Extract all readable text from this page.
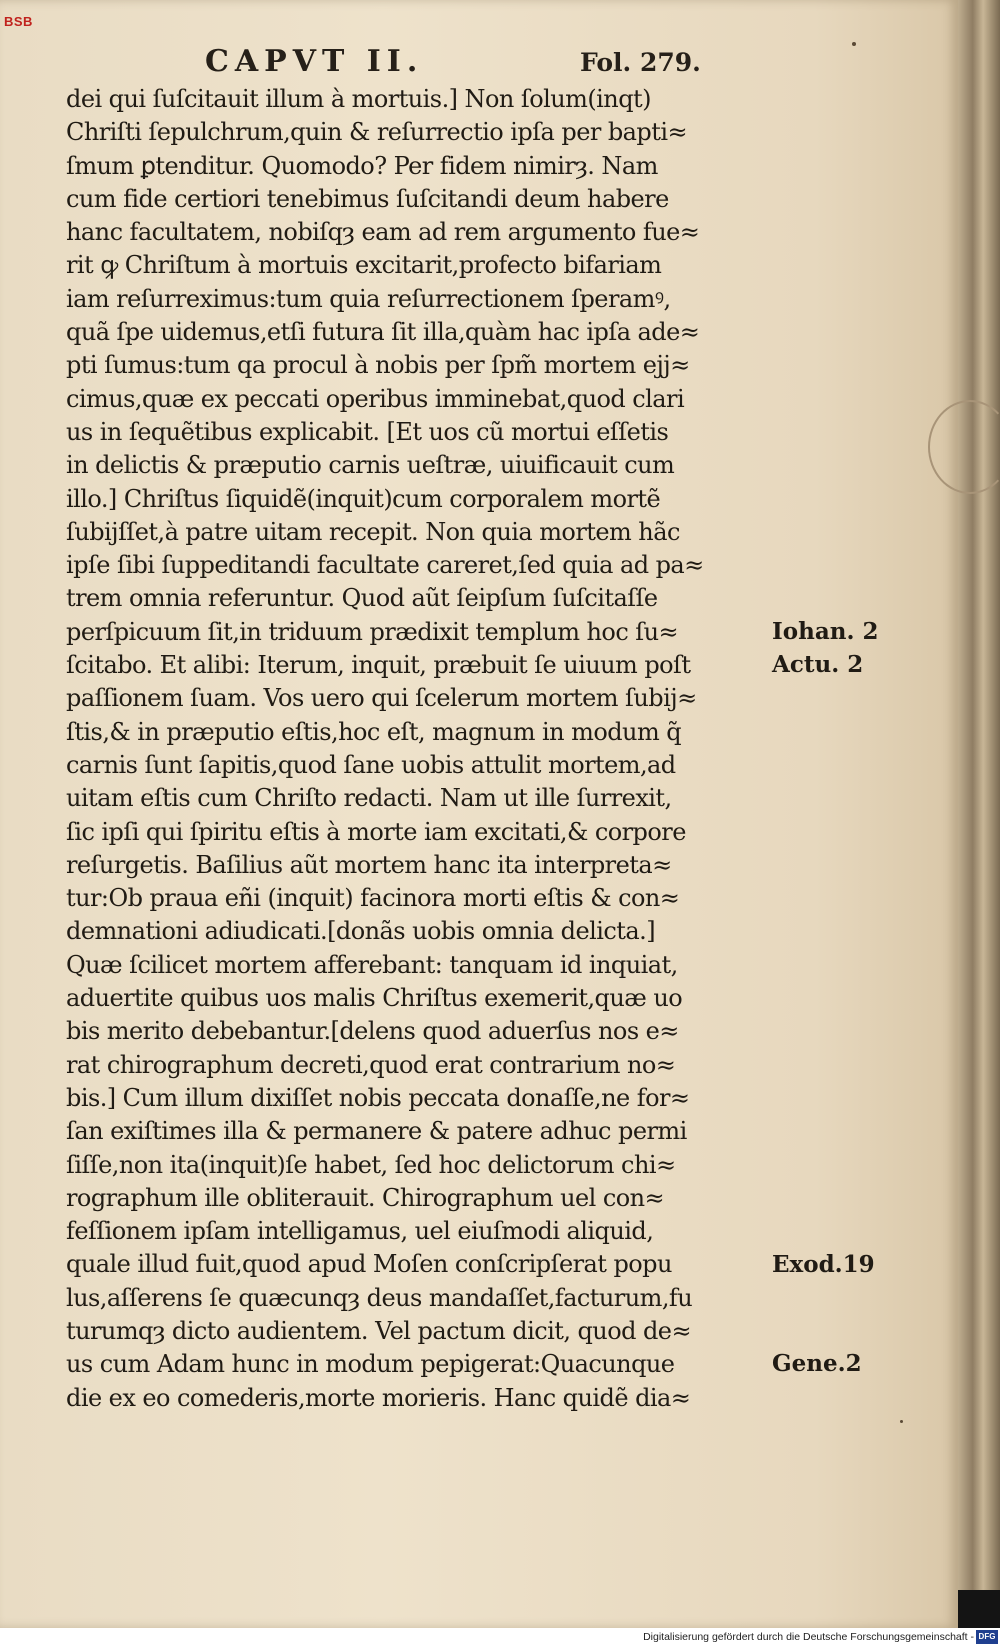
BSB
CAPVT II.	Fol. 279.
dei qui ſuſcitauit illum à mortuis.] Non ſolum(inqt)
Chriſti ſepulchrum,quin & reſurrectio ipſa per bapti≈
ſmum ꝑtenditur. Quomodo? Per fidem nimirȝ. Nam
cum fide certiori tenebimus ſuſcitandi deum habere
hanc facultatem, nobiſqȝ eam ad rem argumento fue≈
rit ꝙ Chriſtum à mortuis excitarit,profecto bifariam
iam reſurreximus:tum quia reſurrectionem ſperamꝰ,
quã ſpe uidemus,etſi futura ſit illa,quàm hac ipſa ade≈
pti ſumus:tum qa procul à nobis per ſpm̃ mortem ejj≈
cimus,quæ ex peccati operibus imminebat,quod clari
us in ſequẽtibus explicabit. [Et uos cũ mortui eſſetis
in delictis & præputio carnis ueſtræ, uiuificauit cum
illo.] Chriſtus ſiquidẽ(inquit)cum corporalem mortẽ
ſubijſſet,à patre uitam recepit. Non quia mortem hãc
ipſe ſibi ſuppeditandi facultate careret,ſed quia ad pa≈
trem omnia referuntur. Quod aũt ſeipſum ſuſcitaſſe
perſpicuum ſit,in triduum prædixit templum hoc ſu≈
ſcitabo. Et alibi: Iterum, inquit, præbuit ſe uiuum poſt
paſſionem ſuam. Vos uero qui ſcelerum mortem ſubij≈
ſtis,& in præputio eſtis,hoc eſt, magnum in modum q̃
carnis ſunt ſapitis,quod ſane uobis attulit mortem,ad
uitam eſtis cum Chriſto redacti. Nam ut ille ſurrexit,
ſic ipſi qui ſpiritu eſtis à morte iam excitati,& corpore
reſurgetis. Baſilius aũt mortem hanc ita interpreta≈
tur:Ob praua eñi (inquit) facinora morti eſtis & con≈
demnationi adiudicati.[donãs uobis omnia delicta.]
Quæ ſcilicet mortem afferebant: tanquam id inquiat,
aduertite quibus uos malis Chriſtus exemerit,quæ uo
bis merito debebantur.[delens quod aduerſus nos e≈
rat chirographum decreti,quod erat contrarium no≈
bis.] Cum illum dixiſſet nobis peccata donaſſe,ne for≈
ſan exiſtimes illa & permanere & patere adhuc permi
ſiſſe,non ita(inquit)ſe habet, ſed hoc delictorum chi≈
rographum ille obliterauit. Chirographum uel con≈
feſſionem ipſam intelligamus, uel eiuſmodi aliquid,
quale illud fuit,quod apud Moſen conſcripſerat popu
lus,aſſerens ſe quæcunqȝ deus mandaſſet,facturum,fu
turumqȝ dicto audientem. Vel pactum dicit, quod de≈
us cum Adam hunc in modum pepigerat:Quacunque
die ex eo comederis,morte morieris. Hanc quidẽ dia≈
Iohan. 2
Actu. 2
Exod.19
Gene.2
Digitalisierung gefördert durch die Deutsche Forschungsgemeinschaft - DFG
